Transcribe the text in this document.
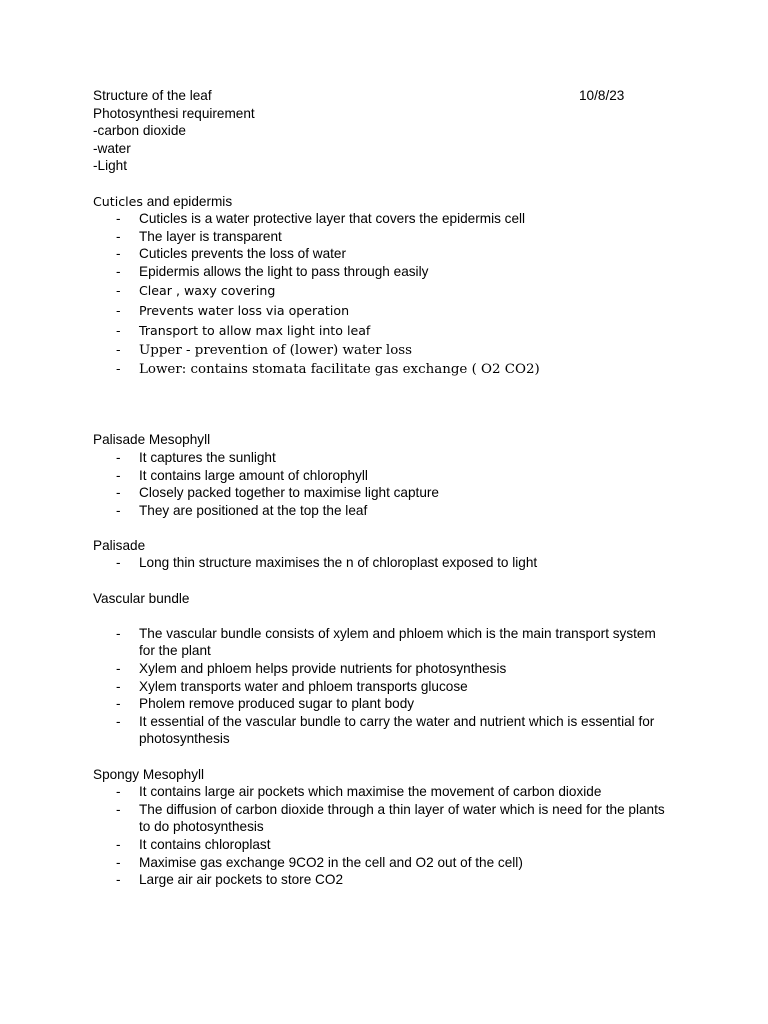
Structure of the leaf	10/8/23
Photosynthesi requirement
-carbon dioxide
-water
-Light
Cuticles and epidermis
- Cuticles is a water protective layer that covers the epidermis cell
- The layer is transparent
- Cuticles prevents the loss of water
- Epidermis allows the light to pass through easily
- Clear , waxy covering
- Prevents water loss via operation
- Transport to allow max light into leaf
- Upper - prevention of (lower) water loss
- Lower: contains stomata facilitate gas exchange ( O2 CO2)
Palisade Mesophyll
- It captures the sunlight
- It contains large amount of chlorophyll
- Closely packed together to maximise light capture
- They are positioned at the top the leaf
Palisade
- Long thin structure maximises the n of chloroplast exposed to light
Vascular bundle
- The vascular bundle consists of xylem and phloem which is the main transport system for the plant
- Xylem and phloem helps provide nutrients for photosynthesis
- Xylem transports water and phloem transports glucose
- Pholem remove produced sugar to plant body
- It essential of the vascular bundle to carry the water and nutrient which is essential for photosynthesis
Spongy Mesophyll
- It contains large air pockets which maximise the movement of carbon dioxide
- The diffusion of carbon dioxide through a thin layer of water which is need for the plants to do photosynthesis
- It contains chloroplast
- Maximise gas exchange 9CO2 in the cell and O2 out of the cell)
- Large air air pockets to store CO2
